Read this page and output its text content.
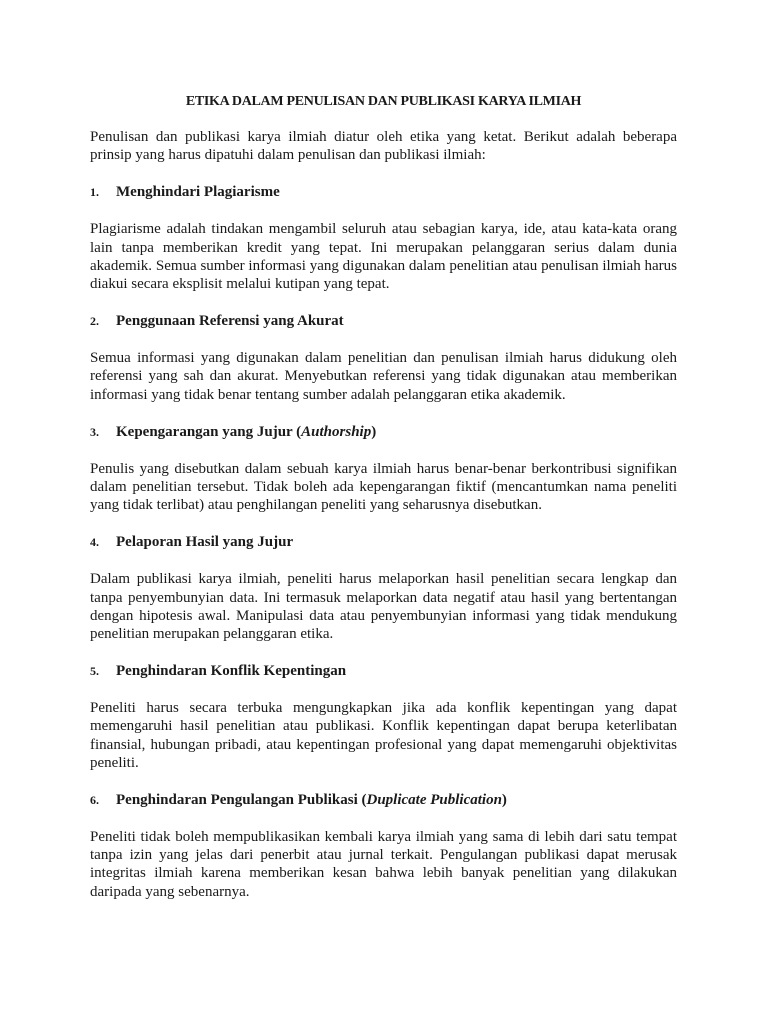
ETIKA DALAM PENULISAN DAN PUBLIKASI KARYA ILMIAH

Penulisan dan publikasi karya ilmiah diatur oleh etika yang ketat. Berikut adalah beberapa prinsip yang harus dipatuhi dalam penulisan dan publikasi ilmiah:

1.	Menghindari Plagiarisme

Plagiarisme adalah tindakan mengambil seluruh atau sebagian karya, ide, atau kata-kata orang lain tanpa memberikan kredit yang tepat. Ini merupakan pelanggaran serius dalam dunia akademik. Semua sumber informasi yang digunakan dalam penelitian atau penulisan ilmiah harus diakui secara eksplisit melalui kutipan yang tepat.

2.	Penggunaan Referensi yang Akurat

Semua informasi yang digunakan dalam penelitian dan penulisan ilmiah harus didukung oleh referensi yang sah dan akurat. Menyebutkan referensi yang tidak digunakan atau memberikan informasi yang tidak benar tentang sumber adalah pelanggaran etika akademik.

3.	Kepengarangan yang Jujur (Authorship)

Penulis yang disebutkan dalam sebuah karya ilmiah harus benar-benar berkontribusi signifikan dalam penelitian tersebut. Tidak boleh ada kepengarangan fiktif (mencantumkan nama peneliti yang tidak terlibat) atau penghilangan peneliti yang seharusnya disebutkan.

4.	Pelaporan Hasil yang Jujur

Dalam publikasi karya ilmiah, peneliti harus melaporkan hasil penelitian secara lengkap dan tanpa penyembunyian data. Ini termasuk melaporkan data negatif atau hasil yang bertentangan dengan hipotesis awal. Manipulasi data atau penyembunyian informasi yang tidak mendukung penelitian merupakan pelanggaran etika.

5.	Penghindaran Konflik Kepentingan

Peneliti harus secara terbuka mengungkapkan jika ada konflik kepentingan yang dapat memengaruhi hasil penelitian atau publikasi. Konflik kepentingan dapat berupa keterlibatan finansial, hubungan pribadi, atau kepentingan profesional yang dapat memengaruhi objektivitas peneliti.

6.	Penghindaran Pengulangan Publikasi (Duplicate Publication)

Peneliti tidak boleh mempublikasikan kembali karya ilmiah yang sama di lebih dari satu tempat tanpa izin yang jelas dari penerbit atau jurnal terkait. Pengulangan publikasi dapat merusak integritas ilmiah karena memberikan kesan bahwa lebih banyak penelitian yang dilakukan daripada yang sebenarnya.
